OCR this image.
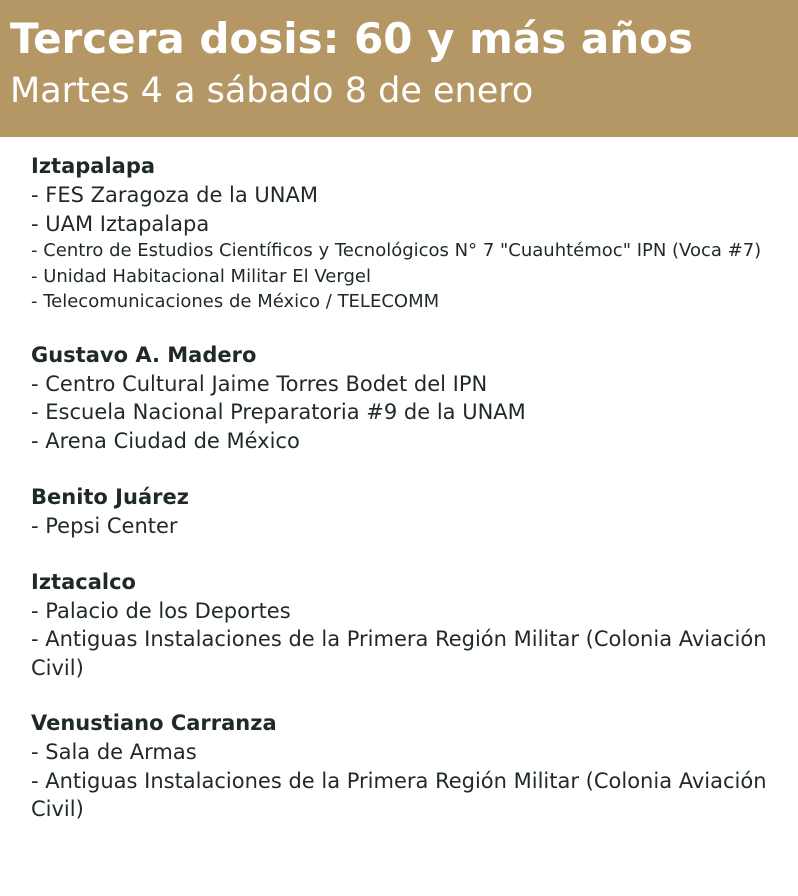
Tercera dosis: 60 y más años
Martes 4 a sábado 8 de enero
Iztapalapa
- FES Zaragoza de la UNAM
- UAM Iztapalapa
- Centro de Estudios Científicos y Tecnológicos N° 7 "Cuauhtémoc" IPN (Voca #7)
- Unidad Habitacional Militar El Vergel
- Telecomunicaciones de México / TELECOMM
Gustavo A. Madero
- Centro Cultural Jaime Torres Bodet del IPN
- Escuela Nacional Preparatoria #9 de la UNAM
- Arena Ciudad de México
Benito Juárez
- Pepsi Center
Iztacalco
- Palacio de los Deportes
- Antiguas Instalaciones de la Primera Región Militar (Colonia Aviación Civil)
Venustiano Carranza
- Sala de Armas
- Antiguas Instalaciones de la Primera Región Militar (Colonia Aviación Civil)
